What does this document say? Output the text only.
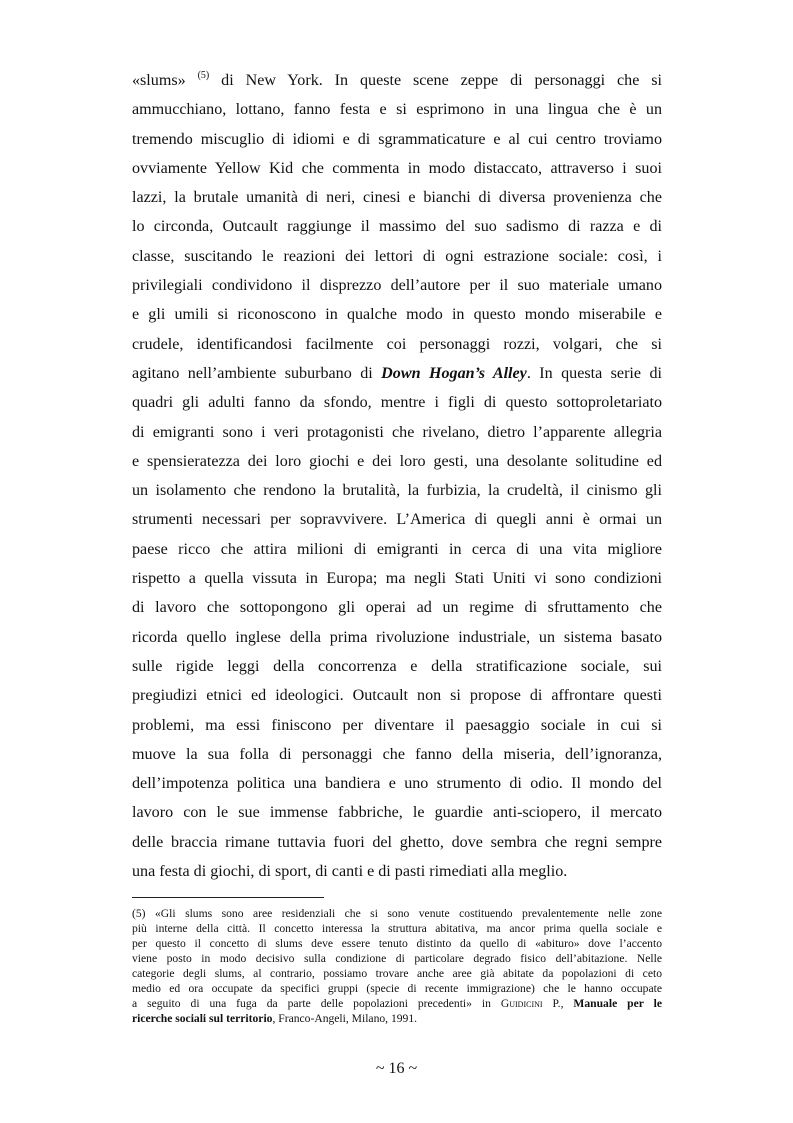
«slums» $^{(5)}$ di New York. In queste scene zeppe di personaggi che si
ammucchiano, lottano, fanno festa e si esprimono in una lingua che è un
tremendo miscuglio di idiomi e di sgrammaticature e al cui centro troviamo
ovviamente Yellow Kid che commenta in modo distaccato, attraverso i suoi
lazzi, la brutale umanità di neri, cinesi e bianchi di diversa provenienza che
lo circonda, Outcault raggiunge il massimo del suo sadismo di razza e di
classe, suscitando le reazioni dei lettori di ogni estrazione sociale: così, i
privilegiali condividono il disprezzo dell’autore per il suo materiale umano
e gli umili si riconoscono in qualche modo in questo mondo miserabile e
crudele, identificandosi facilmente coi personaggi rozzi, volgari, che si
agitano nell’ambiente suburbano di Down Hogan’s Alley. In questa serie di
quadri gli adulti fanno da sfondo, mentre i figli di questo sottoproletariato
di emigranti sono i veri protagonisti che rivelano, dietro l’apparente allegria
e spensieratezza dei loro giochi e dei loro gesti, una desolante solitudine ed
un isolamento che rendono la brutalità, la furbizia, la crudeltà, il cinismo gli
strumenti necessari per sopravvivere. L’America di quegli anni è ormai un
paese ricco che attira milioni di emigranti in cerca di una vita migliore
rispetto a quella vissuta in Europa; ma negli Stati Uniti vi sono condizioni
di lavoro che sottopongono gli operai ad un regime di sfruttamento che
ricorda quello inglese della prima rivoluzione industriale, un sistema basato
sulle rigide leggi della concorrenza e della stratificazione sociale, sui
pregiudizi etnici ed ideologici. Outcault non si propose di affrontare questi
problemi, ma essi finiscono per diventare il paesaggio sociale in cui si
muove la sua folla di personaggi che fanno della miseria, dell’ignoranza,
dell’impotenza politica una bandiera e uno strumento di odio. Il mondo del
lavoro con le sue immense fabbriche, le guardie anti-sciopero, il mercato
delle braccia rimane tuttavia fuori del ghetto, dove sembra che regni sempre
una festa di giochi, di sport, di canti e di pasti rimediati alla meglio.
(5) «Gli slums sono aree residenziali che si sono venute costituendo prevalentemente nelle zone
più interne della città. Il concetto interessa la struttura abitativa, ma ancor prima quella sociale e
per questo il concetto di slums deve essere tenuto distinto da quello di «abituro» dove l’accento
viene posto in modo decisivo sulla condizione di particolare degrado fisico dell’abitazione. Nelle
categorie degli slums, al contrario, possiamo trovare anche aree già abitate da popolazioni di ceto
medio ed ora occupate da specifici gruppi (specie di recente immigrazione) che le hanno occupate
a seguito di una fuga da parte delle popolazioni precedenti» in Guidicini P., Manuale per le
ricerche sociali sul territorio, Franco-Angeli, Milano, 1991.
~ 16 ~
